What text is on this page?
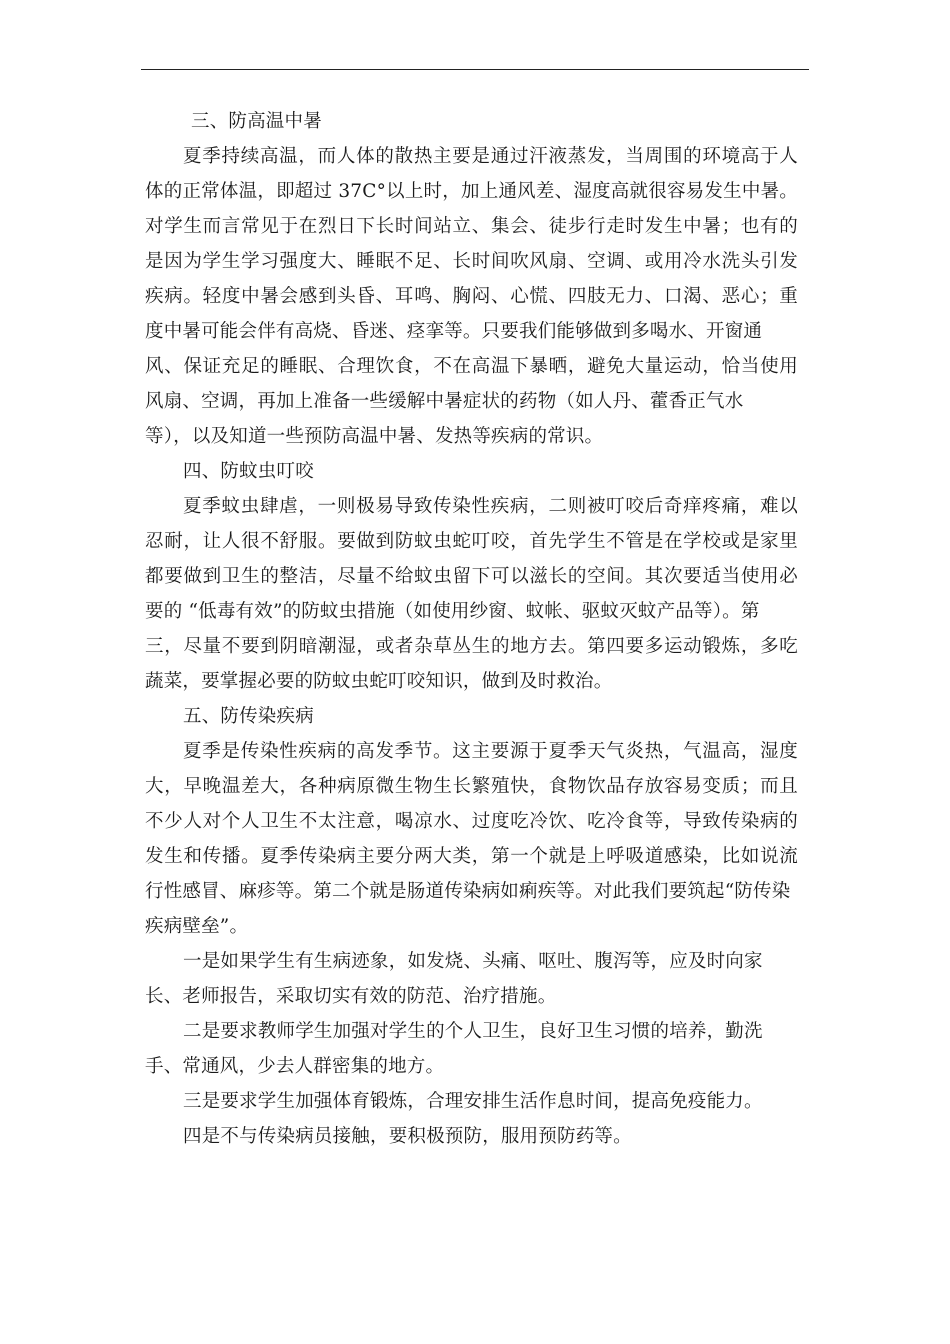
三、防高温中暑
夏季持续高温，而人体的散热主要是通过汗液蒸发，当周围的环境高于人
体的正常体温，即超过 37C°以上时，加上通风差、湿度高就很容易发生中暑。
对学生而言常见于在烈日下长时间站立、集会、徒步行走时发生中暑；也有的
是因为学生学习强度大、睡眠不足、长时间吹风扇、空调、或用冷水洗头引发
疾病。轻度中暑会感到头昏、耳鸣、胸闷、心慌、四肢无力、口渴、恶心；重
度中暑可能会伴有高烧、昏迷、痉挛等。只要我们能够做到多喝水、开窗通
风、保证充足的睡眠、合理饮食，不在高温下暴晒，避免大量运动，恰当使用
风扇、空调，再加上准备一些缓解中暑症状的药物（如人丹、藿香正气水
等），以及知道一些预防高温中暑、发热等疾病的常识。
四、防蚊虫叮咬
夏季蚊虫肆虐，一则极易导致传染性疾病，二则被叮咬后奇痒疼痛，难以
忍耐，让人很不舒服。要做到防蚊虫蛇叮咬，首先学生不管是在学校或是家里
都要做到卫生的整洁，尽量不给蚊虫留下可以滋长的空间。其次要适当使用必
要的 “低毒有效”的防蚊虫措施（如使用纱窗、蚊帐、驱蚊灭蚊产品等）。第
三，尽量不要到阴暗潮湿，或者杂草丛生的地方去。第四要多运动锻炼，多吃
蔬菜，要掌握必要的防蚊虫蛇叮咬知识，做到及时救治。
五、防传染疾病
夏季是传染性疾病的高发季节。这主要源于夏季天气炎热，气温高，湿度
大，早晚温差大，各种病原微生物生长繁殖快，食物饮品存放容易变质；而且
不少人对个人卫生不太注意，喝凉水、过度吃冷饮、吃冷食等，导致传染病的
发生和传播。夏季传染病主要分两大类，第一个就是上呼吸道感染，比如说流
行性感冒、麻疹等。第二个就是肠道传染病如痢疾等。对此我们要筑起“防传染
疾病壁垒”。
一是如果学生有生病迹象，如发烧、头痛、呕吐、腹泻等，应及时向家
长、老师报告，采取切实有效的防范、治疗措施。
二是要求教师学生加强对学生的个人卫生，良好卫生习惯的培养，勤洗
手、常通风，少去人群密集的地方。
三是要求学生加强体育锻炼，合理安排生活作息时间，提高免疫能力。
四是不与传染病员接触，要积极预防，服用预防药等。
